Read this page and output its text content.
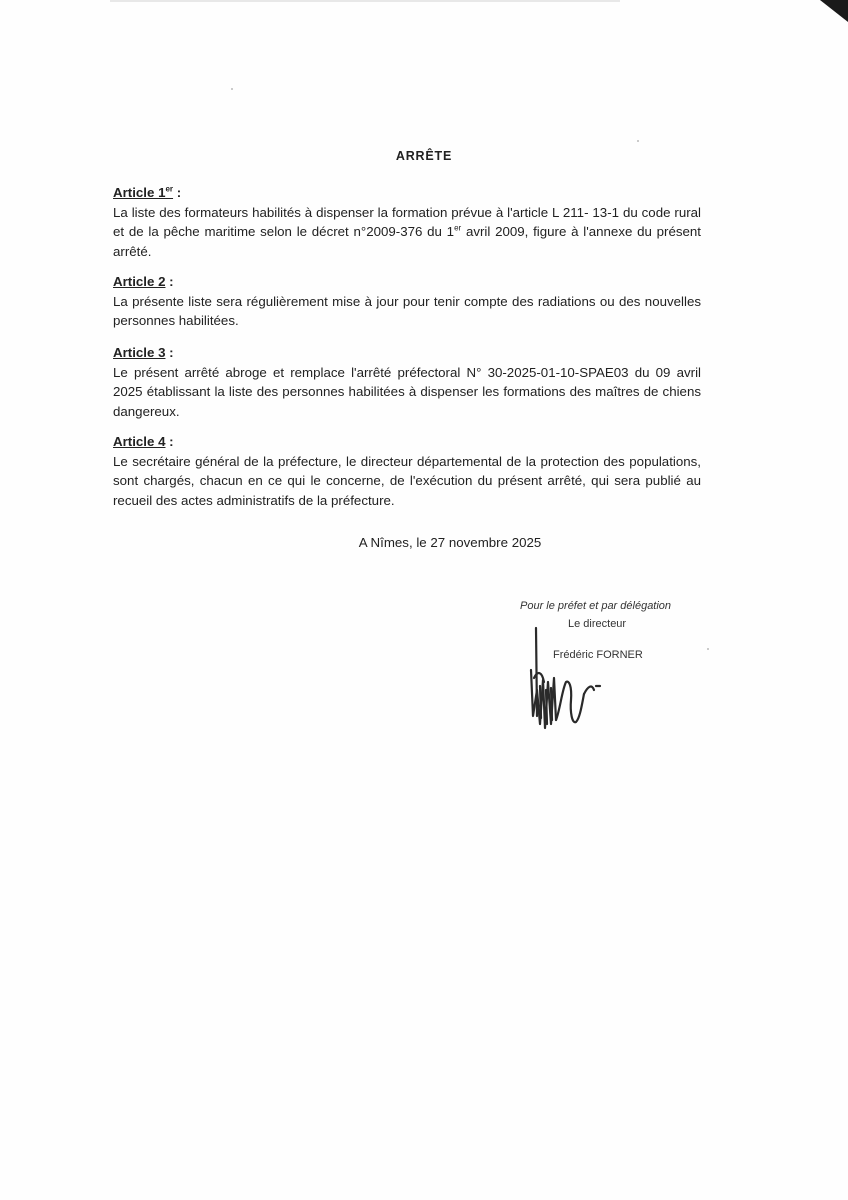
ARRÊTE

Article 1er :

La liste des formateurs habilités à dispenser la formation prévue à l'article L 211- 13-1 du code rural et de la pêche maritime selon le décret n°2009-376 du 1er avril 2009, figure à l'annexe du présent arrêté.

Article 2 :

La présente liste sera régulièrement mise à jour pour tenir compte des radiations ou des nouvelles personnes habilitées.

Article 3 :

Le présent arrêté abroge et remplace l'arrêté préfectoral N° 30-2025-01-10-SPAE03 du 09 avril 2025 établissant la liste des personnes habilitées à dispenser les formations des maîtres de chiens dangereux.

Article 4 :

Le secrétaire général de la préfecture, le directeur départemental de la protection des populations, sont chargés, chacun en ce qui le concerne, de l'exécution du présent arrêté, qui sera publié au recueil des actes administratifs de la préfecture.

A Nîmes, le 27 novembre 2025
Pour le préfet et par délégation
Le directeur
Frédéric FORNER
